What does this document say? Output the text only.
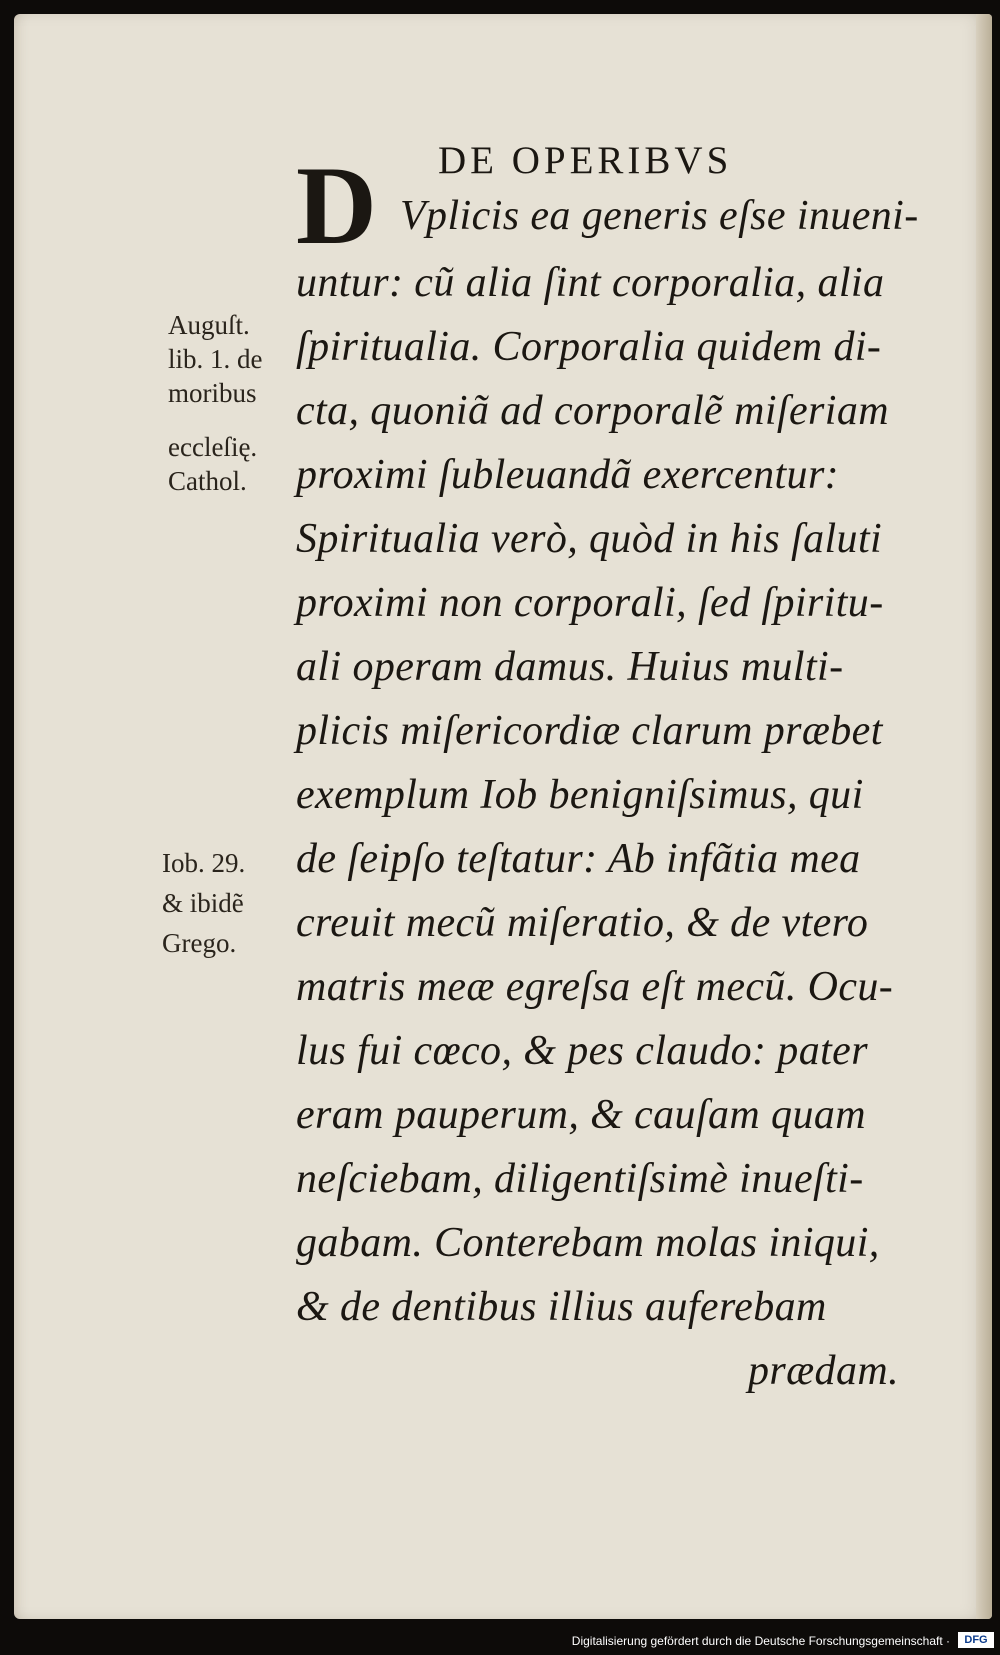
DE OPERIBVS
D Vplicis ea generis eſse inueni-
untur: cũ alia ſint corporalia, alia
ſpiritualia. Corporalia quidem di-
cta, quoniã ad corporalẽ miſeriam
proximi ſubleuandã exercentur:
Spiritualia verò, quòd in his ſaluti
proximi non corporali, ſed ſpiritu-
ali operam damus. Huius multi-
plicis miſericordiæ clarum præbet
exemplum Iob benigniſsimus, qui
de ſeipſo teſtatur: Ab infãtia mea
creuit mecũ miſeratio, & de vtero
matris meæ egreſsa eſt mecũ. Ocu-
lus fui cœco, & pes claudo: pater
eram pauperum, & cauſam quam
neſciebam, diligentiſsimè inueſti-
gabam. Conterebam molas iniqui,
& de dentibus illius auferebam
prædam.
Auguſt.
lib. 1. de
moribus
eccleſię.
Cathol.
Iob. 29.
& ibidẽ
Grego.
Digitalisierung gefördert durch die Deutsche Forschungsgemeinschaft ·	DFG
